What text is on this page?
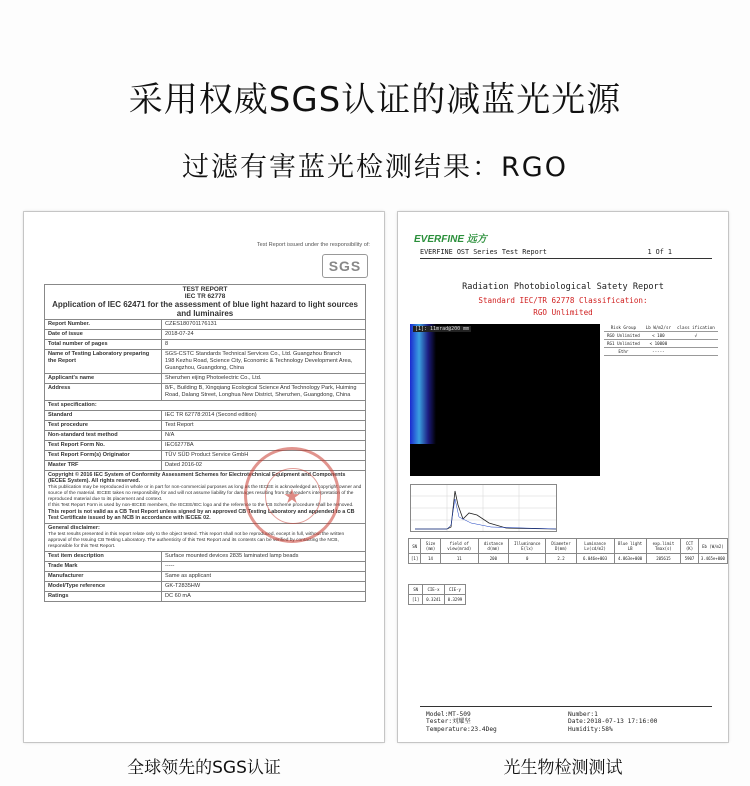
采用权威SGS认证的减蓝光光源
过滤有害蓝光检测结果：RGO
Test Report issued under the responsibility of:
SGS
TEST REPORT
IEC TR 62778
Application of IEC 62471 for the assessment of blue light hazard to light sources and luminaires	

Report Number.	CZES180701176131
Date of issue	2018-07-24
Total number of pages	8
Name of Testing Laboratory preparing the Report	SGS-CSTC Standards Technical Services Co., Ltd. Guangzhou Branch
198 Kezhu Road, Science City, Economic & Technology Development Area, Guangzhou, Guangdong, China

Applicant's name	Shenzhen eijing Photoelectric Co., Ltd.
Address	8/F., Building B, Xingqiang Ecological Science And Technology Park, Huiming Road, Dalang Street, Longhua New District, Shenzhen, Guangdong, China
Test specification:	
Standard	IEC TR 62778:2014 (Second edition)
Test procedure	Test Report
Non-standard test method	N/A
Test Report Form No.	IEC62778A
Test Report Form(s) Originator	TÜV SÜD Product Service GmbH
Master TRF	Dated 2016-02

Copyright © 2016 IEC System of Conformity Assessment Schemes for Electrotechnical Equipment and Components (IECEE System). All rights reserved.
This publication may be reproduced in whole or in part for non-commercial purposes as long as the IECEE is acknowledged as copyright owner and source of the material. IECEE takes no responsibility for and will not assume liability for damages resulting from the reader's interpretation of the reproduced material due to its placement and context.
If this Test Report Form is used by non-IECEE members, the IECEE/IEC logo and the reference to the CB Scheme procedure shall be removed.
This report is not valid as a CB Test Report unless signed by an approved CB Testing Laboratory and appended to a CB Test Certificate issued by an NCB in accordance with IECEE 02.	

General disclaimer:
The test results presented in this report relate only to the object tested. This report shall not be reproduced, except in full, without the written approval of the Issuing CB Testing Laboratory. The authenticity of this Test Report and its contents can be verified by contacting the NCB, responsible for this Test Report.	

Test item description	Surface mounted devices 2835 laminated lamp beads
Trade Mark	-----
Manufacturer	Same as applicant
Model/Type reference	GK-T2835HW
Ratings	DC 60 mA
★
EVERFINE 远方
EVERFINE OST Series Test Report	1 Of 1
Radiation Photobiological Satety Report
Standard IEC/TR 62778 Classification:
RGO Unlimited
[1]: 11mrad@200 mm	Risk Group	Lb W/m2/sr	class ification
RGO Unlimited	< 100	√
RG1 Unlimited	< 10000	
Ethr	-----	
SN	Size (mm)	field of view(mrad)	distance d(mm)	Illuminance E(lx)	Diameter D(mm)	Luminance Lv(cd/m2)	Blue light LB	exp.limit Tmax(s)	CCT (K)	Eb (W/m2)
[1]	14	11	200	0	2.2	6.046e+003	4.863e+000	205615	5907	3.465e+000
SN	CIE-x	CIE-y
[1]	0.3241	0.3299
Model:MT-509
Tester:刘耀坚
Temperature:23.4Deg
Number:1
Date:2018-07-13 17:16:00
Humidity:58%
全球领先的SGS认证	光生物检测测试
